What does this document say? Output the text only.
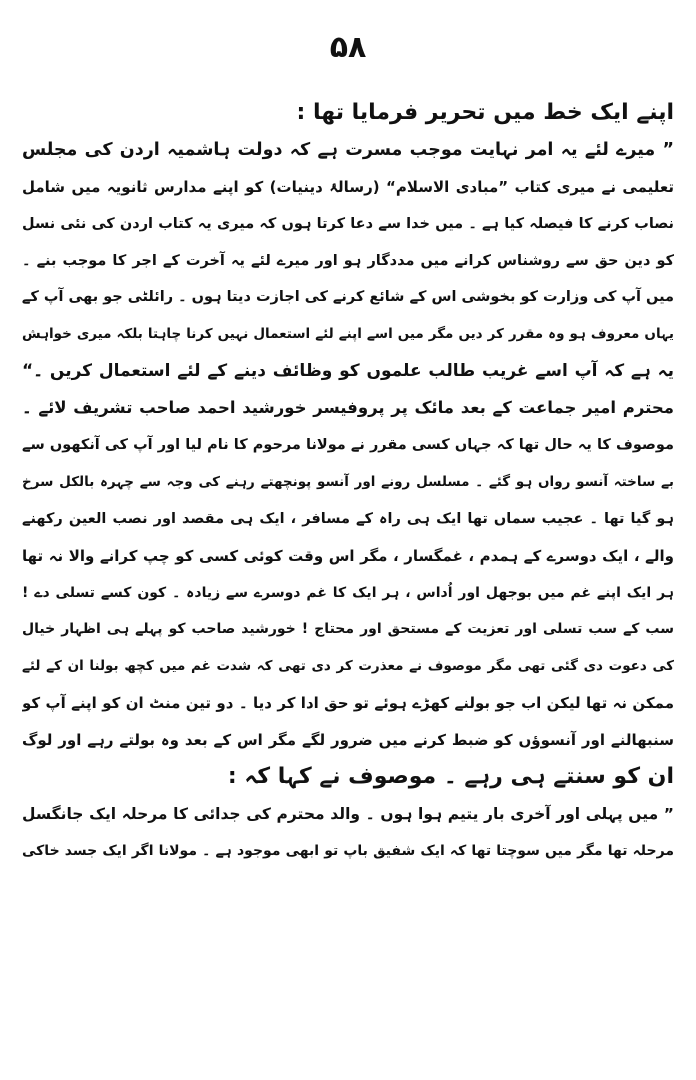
۵۸
اپنے ایک خط میں تحریر فرمایا تھا :
” میرے لئے یہ امر نہایت موجب مسرت ہے کہ دولت ہاشمیہ اردن کی مجلس
تعلیمی نے میری کتاب ”مبادی الاسلام“ (رسالۂ دینیات) کو اپنے مدارس ثانویہ میں شامل
نصاب کرنے کا فیصلہ کیا ہے ۔ میں خدا سے دعا کرتا ہوں کہ میری یہ کتاب اردن کی نئی نسل
کو دین حق سے روشناس کرانے میں مددگار ہو اور میرے لئے یہ آخرت کے اجر کا موجب بنے ۔
میں آپ کی وزارت کو بخوشی اس کے شائع کرنے کی اجازت دیتا ہوں ۔ رائلٹی جو بھی آپ کے
یہاں معروف ہو وہ مقرر کر دیں مگر میں اسے اپنے لئے استعمال نہیں کرنا چاہتا بلکہ میری خواہش
یہ ہے کہ آپ اسے غریب طالب علموں کو وظائف دینے کے لئے استعمال کریں ۔“
محترم امیر جماعت کے بعد مائک پر پروفیسر خورشید احمد صاحب تشریف لائے ۔
موصوف کا یہ حال تھا کہ جہاں کسی مقرر نے مولانا مرحوم کا نام لیا اور آپ کی آنکھوں سے
بے ساختہ آنسو رواں ہو گئے ۔ مسلسل رونے اور آنسو پونچھتے رہنے کی وجہ سے چہرہ بالکل سرخ
ہو گیا تھا ۔ عجیب سماں تھا ایک ہی راہ کے مسافر ، ایک ہی مقصد اور نصب العین رکھنے
والے ، ایک دوسرے کے ہمدم ، غمگسار ، مگر اس وقت کوئی کسی کو چپ کرانے والا نہ تھا
ہر ایک اپنے غم میں بوجھل اور اُداس ، ہر ایک کا غم دوسرے سے زیادہ ۔ کون کسے تسلی دے !
سب کے سب تسلی اور تعزیت کے مستحق اور محتاج ! خورشید صاحب کو پہلے ہی اظہار خیال
کی دعوت دی گئی تھی مگر موصوف نے معذرت کر دی تھی کہ شدت غم میں کچھ بولنا ان کے لئے
ممکن نہ تھا لیکن اب جو بولنے کھڑے ہوئے تو حق ادا کر دیا ۔ دو تین منٹ ان کو اپنے آپ کو
سنبھالنے اور آنسوؤں کو ضبط کرنے میں ضرور لگے مگر اس کے بعد وہ بولتے رہے اور لوگ
ان کو سنتے ہی رہے ۔ موصوف نے کہا کہ :
” میں پہلی اور آخری بار یتیم ہوا ہوں ۔ والد محترم کی جدائی کا مرحلہ ایک جانگسل
مرحلہ تھا مگر میں سوچتا تھا کہ ایک شفیق باپ تو ابھی موجود ہے ۔ مولانا اگر ایک جسد خاکی
